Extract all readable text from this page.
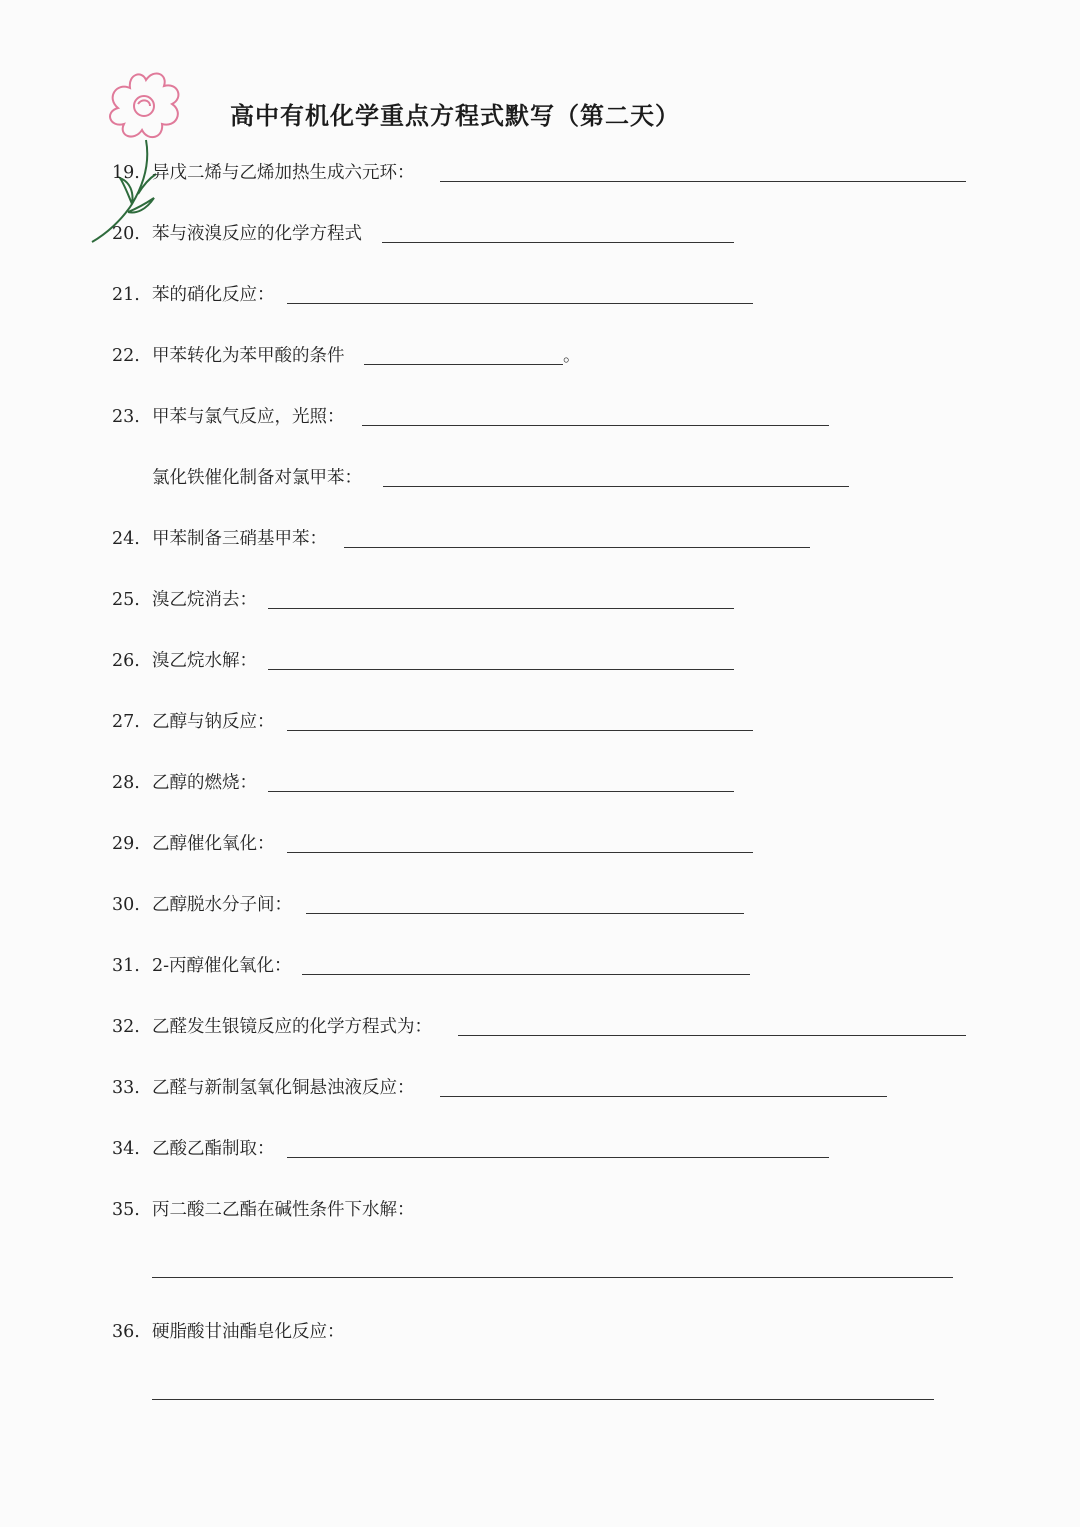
高中有机化学重点方程式默写（第二天）
19. 异戊二烯与乙烯加热生成六元环：
20. 苯与液溴反应的化学方程式
21. 苯的硝化反应：
22. 甲苯转化为苯甲酸的条件	。
23. 甲苯与氯气反应，光照：
氯化铁催化制备对氯甲苯：
24. 甲苯制备三硝基甲苯：
25. 溴乙烷消去：
26. 溴乙烷水解：
27. 乙醇与钠反应：
28. 乙醇的燃烧：
29. 乙醇催化氧化：
30. 乙醇脱水分子间：
31. 2-丙醇催化氧化：
32. 乙醛发生银镜反应的化学方程式为：
33. 乙醛与新制氢氧化铜悬浊液反应：
34. 乙酸乙酯制取：
35. 丙二酸二乙酯在碱性条件下水解：
36. 硬脂酸甘油酯皂化反应：
